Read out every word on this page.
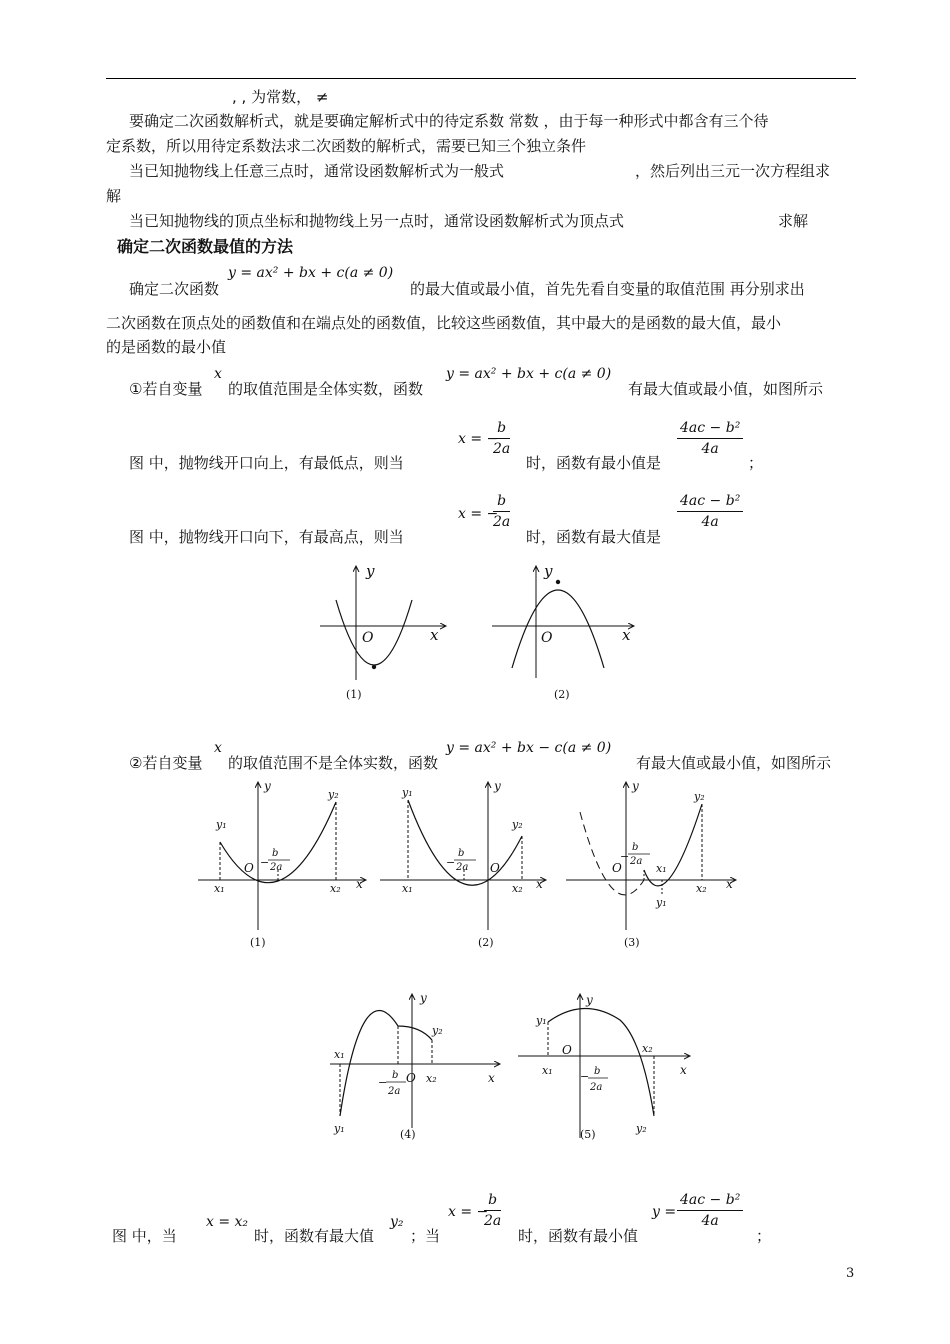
, , 为常数， ≠
要确定二次函数解析式，就是要确定解析式中的待定系数 常数 ，由于每一种形式中都含有三个待
定系数，所以用待定系数法求二次函数的解析式，需要已知三个独立条件
当已知抛物线上任意三点时，通常设函数解析式为一般式	，然后列出三元一次方程组求
解
当已知抛物线的顶点坐标和抛物线上另一点时，通常设函数解析式为顶点式	求解
确定二次函数最值的方法
确定二次函数
y = ax² + bx + c(a ≠ 0)
的最大值或最小值，首先先看自变量的取值范围 再分别求出
二次函数在顶点处的函数值和在端点处的函数值，比较这些函数值，其中最大的是函数的最大值，最小
的是函数的最小值
①若自变量
x
的取值范围是全体实数，函数
y = ax² + bx + c(a ≠ 0)
有最大值或最小值，如图所示
图 中，抛物线开口向上，有最低点，则当
x = −
$\frac{b}{2a}$
时，函数有最小值是
$\frac{\text{4ac − b²}}{4a}$
；
图 中，抛物线开口向下，有最高点，则当
x = −
$\frac{b}{2a}$
时，函数有最大值是
$\frac{\text{4ac − b²}}{4a}$
y
x
O
(1)
y
x
O
(2)
y
x
O
y₁
y₂
x₁	x₂
−
b
2a
(1)
y
x
O
y₁
y₂
x₁	x₂
−
b
2a
(2)
y
x
O
y₂
x₁
x₂
y₁
−
b
2a
(3)
y
x
O
x₁
y₂
x₂
y₁
−
b
2a
(4)
y
x
O
y₁
x₁
x₂
y₂
− b
2a
(5)
②若自变量
x
的取值范围不是全体实数，函数
y = ax² + bx − c(a ≠ 0)
有最大值或最小值，如图所示
图 中，当
x = x₂
时，函数有最大值
y₂
；当
x = −
$\frac{b}{2a}$
时，函数有最小值
$y = \frac{\text{4ac − b²}}{4a}$
；
3
